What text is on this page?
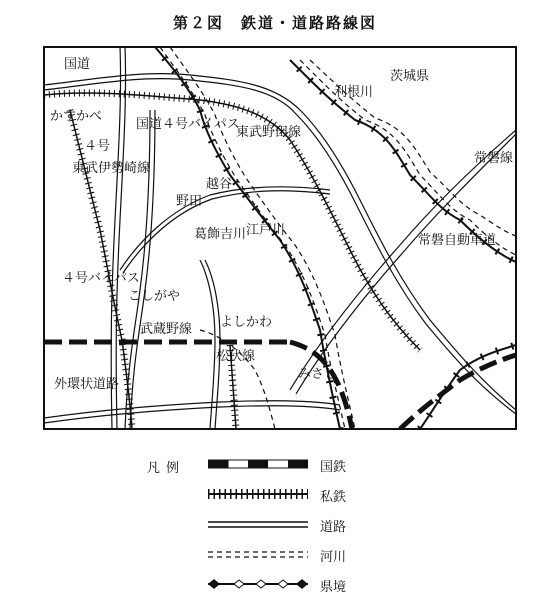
第２図　鉄道・道路路線図
茨城県
国道
４号
かすかべ
東武伊勢崎線
国道４号バイパス
４号バイパス
東武野田線
野田
越谷
葛飾吉川 江戸川
利根川
常磐自動車道
常磐線
こしがや
武蔵野線 よしかわ
松伏線
外環状道路
みさと
凡例	国鉄
私鉄
道路
河川
県境
